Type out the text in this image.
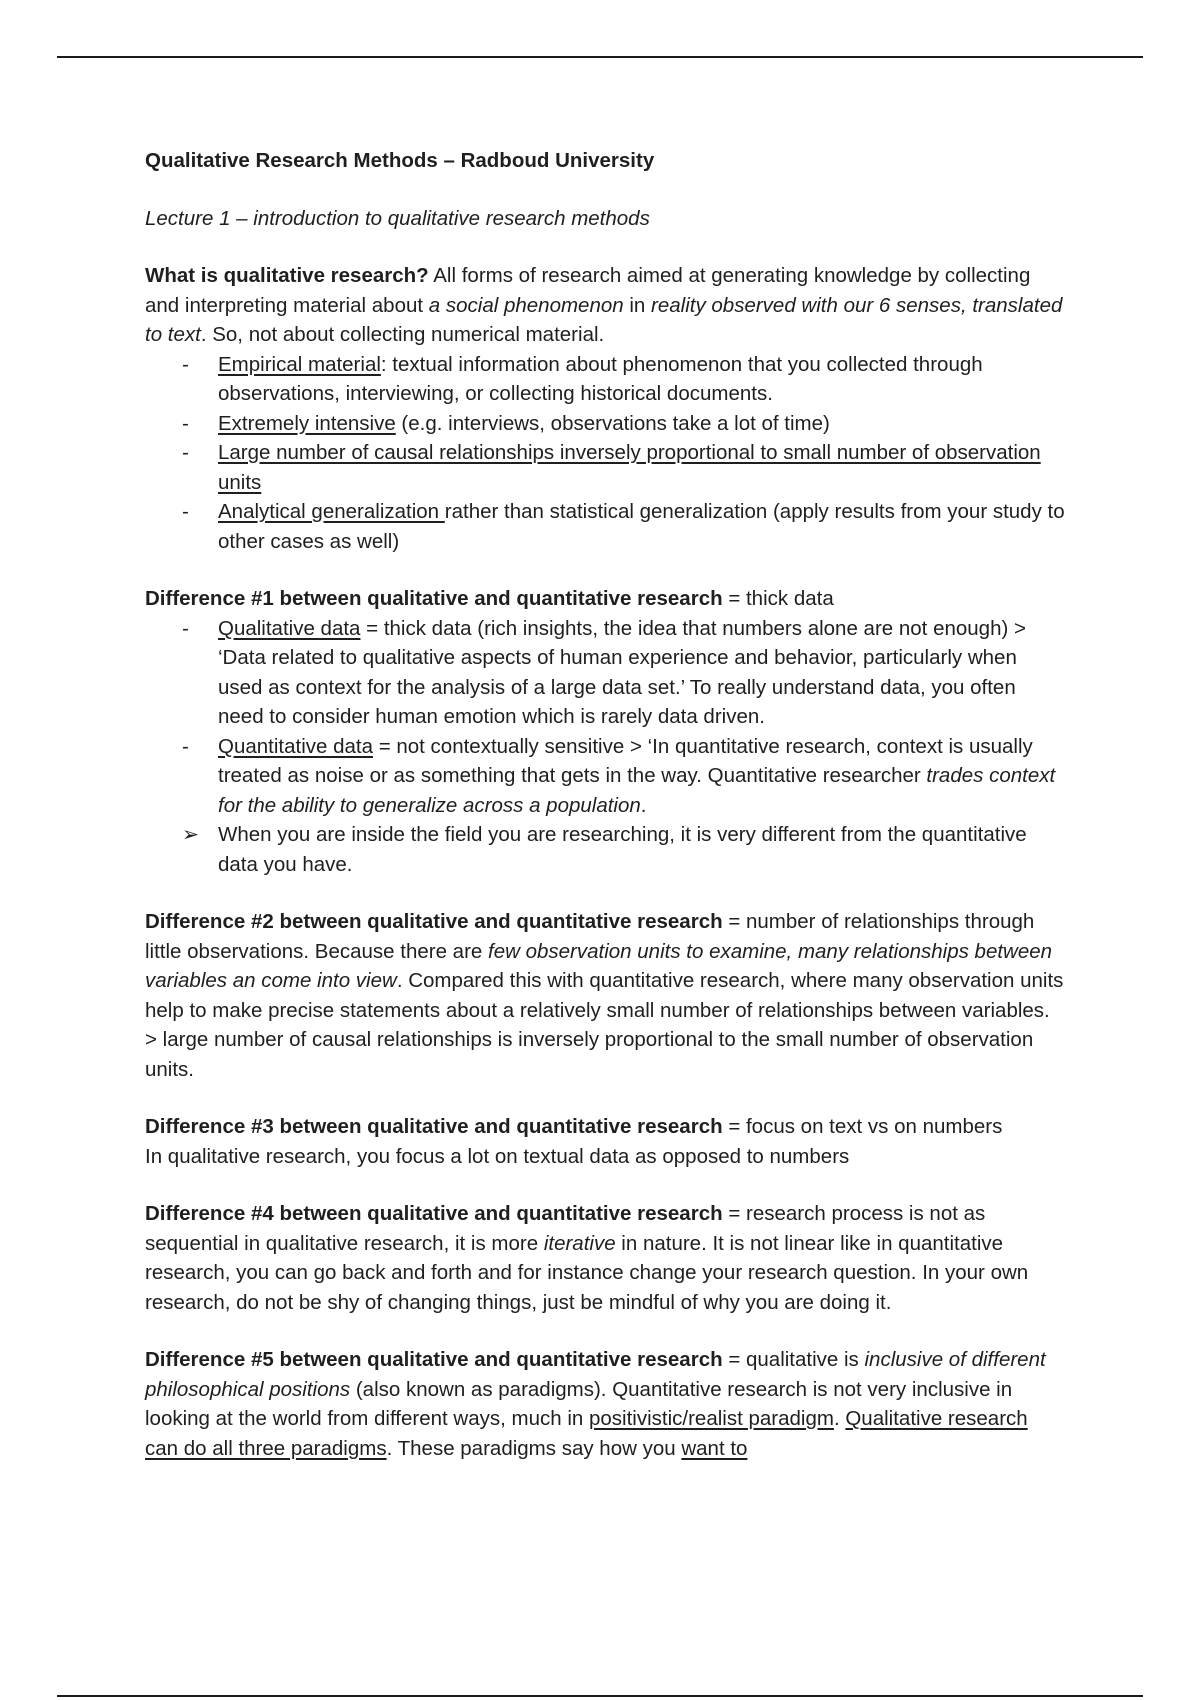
Qualitative Research Methods – Radboud University

Lecture 1 – introduction to qualitative research methods

What is qualitative research? All forms of research aimed at generating knowledge by collecting and interpreting material about a social phenomenon in reality observed with our 6 senses, translated to text. So, not about collecting numerical material.

-	Empirical material: textual information about phenomenon that you collected through observations, interviewing, or collecting historical documents.
-	Extremely intensive (e.g. interviews, observations take a lot of time)
-	Large number of causal relationships inversely proportional to small number of observation units
-	Analytical generalization rather than statistical generalization (apply results from your study to other cases as well)

Difference #1 between qualitative and quantitative research = thick data

-	Qualitative data = thick data (rich insights, the idea that numbers alone are not enough) > ‘Data related to qualitative aspects of human experience and behavior, particularly when used as context for the analysis of a large data set.’ To really understand data, you often need to consider human emotion which is rarely data driven.
-	Quantitative data = not contextually sensitive > ‘In quantitative research, context is usually treated as noise or as something that gets in the way. Quantitative researcher trades context for the ability to generalize across a population.
➢ When you are inside the field you are researching, it is very different from the quantitative data you have.

Difference #2 between qualitative and quantitative research = number of relationships through little observations. Because there are few observation units to examine, many relationships between variables an come into view. Compared this with quantitative research, where many observation units help to make precise statements about a relatively small number of relationships between variables. > large number of causal relationships is inversely proportional to the small number of observation units.

Difference #3 between qualitative and quantitative research = focus on text vs on numbers

In qualitative research, you focus a lot on textual data as opposed to numbers

Difference #4 between qualitative and quantitative research = research process is not as sequential in qualitative research, it is more iterative in nature. It is not linear like in quantitative research, you can go back and forth and for instance change your research question. In your own research, do not be shy of changing things, just be mindful of why you are doing it.

Difference #5 between qualitative and quantitative research = qualitative is inclusive of different philosophical positions (also known as paradigms). Quantitative research is not very inclusive in looking at the world from different ways, much in positivistic/realist paradigm. Qualitative research can do all three paradigms. These paradigms say how you want to
